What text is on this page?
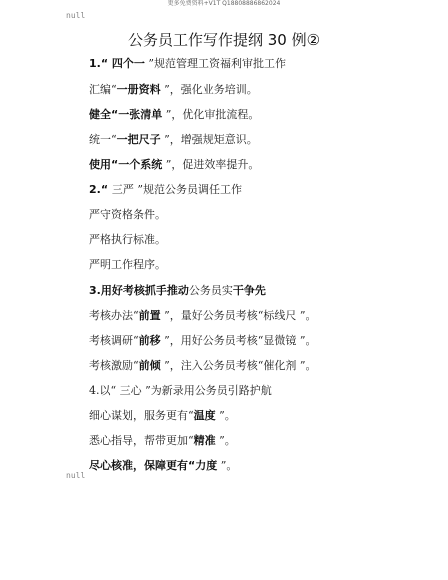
更多免费资料+V1T Q18808886862024
null
公务员工作写作提纲 30 例②
1.“ 四个一 ”规范管理工资福利审批工作
汇编“一册资料 ”，强化业务培训。
健全“一张清单 ”，优化审批流程。
统一“一把尺子 ”，增强规矩意识。
使用“一个系统 ”，促进效率提升。
2.“ 三严 ”规范公务员调任工作
严守资格条件。
严格执行标准。
严明工作程序。
3.用好考核抓手推动公务员实干争先
考核办法“前置 ”，量好公务员考核“标线尺 ”。
考核调研“前移 ”，用好公务员考核“显微镜 ”。
考核激励“前倾 ”，注入公务员考核“催化剂 ”。
4.以“ 三心 ”为新录用公务员引路护航
细心谋划，服务更有“温度 ”。
悉心指导，帮带更加“精准 ”。
尽心核准，保障更有“力度 ”。
null
